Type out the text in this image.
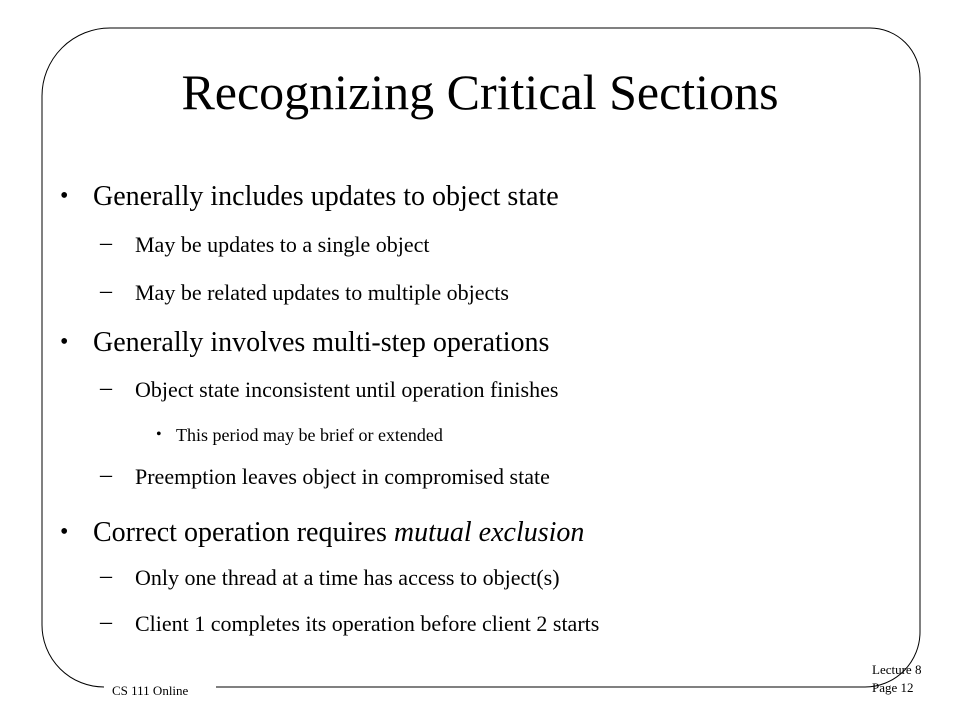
Recognizing Critical Sections
• Generally includes updates to object state
– May be updates to a single object
– May be related updates to multiple objects
• Generally involves multi-step operations
– Object state inconsistent until operation finishes
• This period may be brief or extended
– Preemption leaves object in compromised state
• Correct operation requires mutual exclusion
– Only one thread at a time has access to object(s)
– Client 1 completes its operation before client 2 starts
CS 111 Online
Lecture 8
Page 12
